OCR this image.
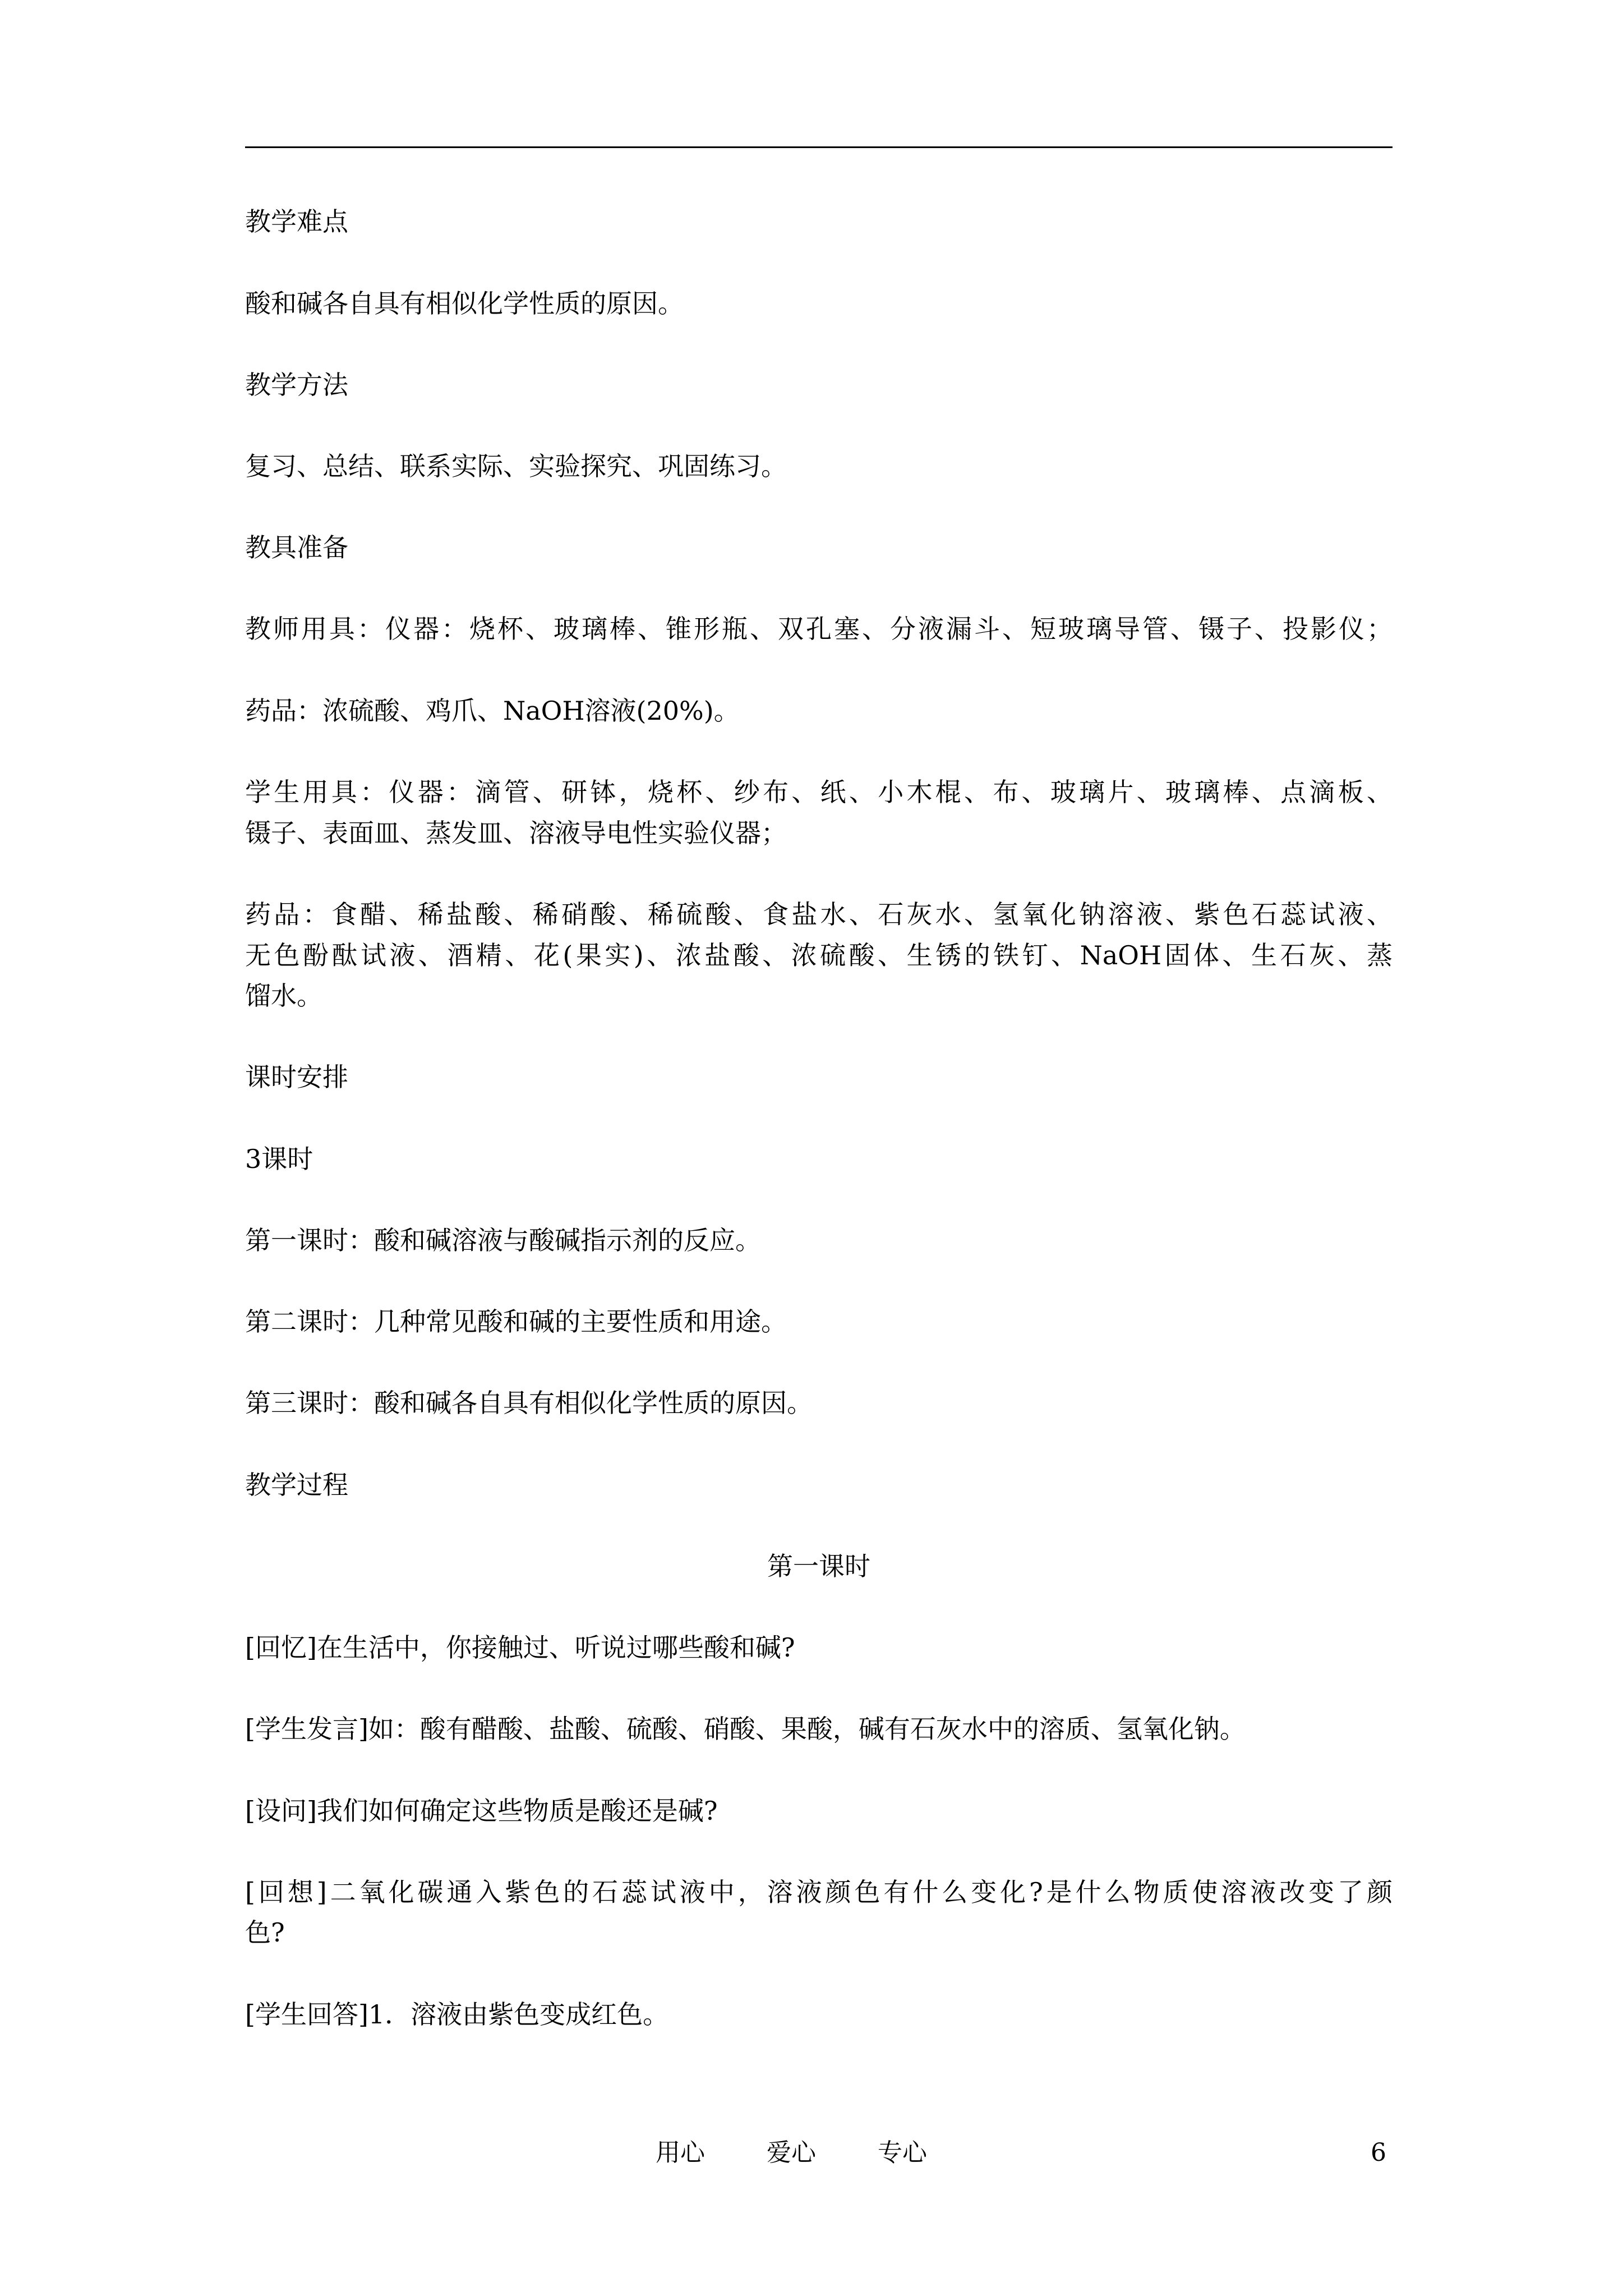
教学难点
酸和碱各自具有相似化学性质的原因。
教学方法
复习、总结、联系实际、实验探究、巩固练习。
教具准备
教师用具：仪器：烧杯、玻璃棒、锥形瓶、双孔塞、分液漏斗、短玻璃导管、镊子、投影仪；
药品：浓硫酸、鸡爪、NaOH溶液(20%)。
学生用具：仪器：滴管、研钵，烧杯、纱布、纸、小木棍、布、玻璃片、玻璃棒、点滴板、
镊子、表面皿、蒸发皿、溶液导电性实验仪器；
药品：食醋、稀盐酸、稀硝酸、稀硫酸、食盐水、石灰水、氢氧化钠溶液、紫色石蕊试液、
无色酚酞试液、酒精、花(果实)、浓盐酸、浓硫酸、生锈的铁钉、NaOH固体、生石灰、蒸
馏水。
课时安排
3课时
第一课时：酸和碱溶液与酸碱指示剂的反应。
第二课时：几种常见酸和碱的主要性质和用途。
第三课时：酸和碱各自具有相似化学性质的原因。
教学过程
第一课时
[回忆]在生活中，你接触过、听说过哪些酸和碱?
[学生发言]如：酸有醋酸、盐酸、硫酸、硝酸、果酸，碱有石灰水中的溶质、氢氧化钠。
[设问]我们如何确定这些物质是酸还是碱?
[回想]二氧化碳通入紫色的石蕊试液中，溶液颜色有什么变化?是什么物质使溶液改变了颜
色?
[学生回答]1．溶液由紫色变成红色。
用心	爱心	专心	6
